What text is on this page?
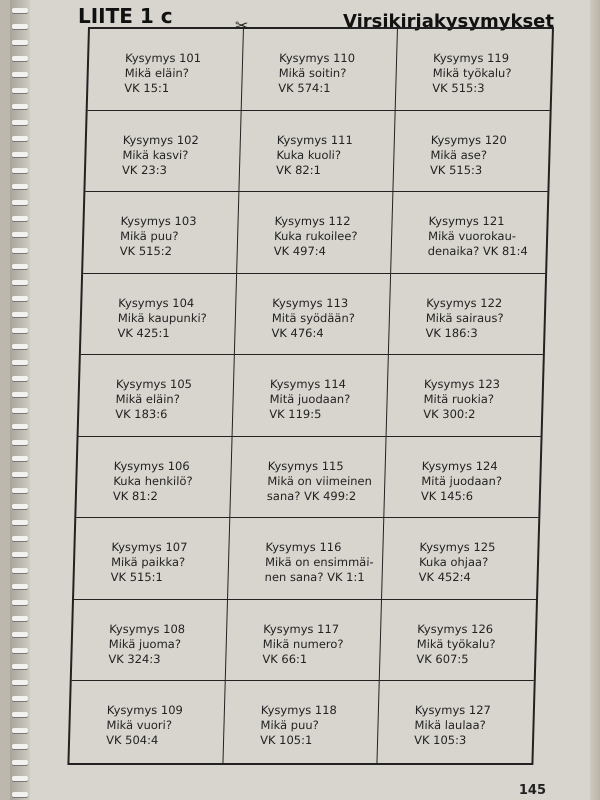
LIITE 1 c	✂	Virsikirjakysymykset
Kysymys 101
Mikä eläin?
VK 15:1
Kysymys 110
Mikä soitin?
VK 574:1
Kysymys 119
Mikä työkalu?
VK 515:3
Kysymys 102
Mikä kasvi?
VK 23:3
Kysymys 111
Kuka kuoli?
VK 82:1
Kysymys 120
Mikä ase?
VK 515:3
Kysymys 103
Mikä puu?
VK 515:2
Kysymys 112
Kuka rukoilee?
VK 497:4
Kysymys 121
Mikä vuorokau-
denaika? VK 81:4
Kysymys 104
Mikä kaupunki?
VK 425:1
Kysymys 113
Mitä syödään?
VK 476:4
Kysymys 122
Mikä sairaus?
VK 186:3
Kysymys 105
Mikä eläin?
VK 183:6
Kysymys 114
Mitä juodaan?
VK 119:5
Kysymys 123
Mitä ruokia?
VK 300:2
Kysymys 106
Kuka henkilö?
VK 81:2
Kysymys 115
Mikä on viimeinen
sana? VK 499:2
Kysymys 124
Mitä juodaan?
VK 145:6
Kysymys 107
Mikä paikka?
VK 515:1
Kysymys 116
Mikä on ensimmäi-
nen sana? VK 1:1
Kysymys 125
Kuka ohjaa?
VK 452:4
Kysymys 108
Mikä juoma?
VK 324:3
Kysymys 117
Mikä numero?
VK 66:1
Kysymys 126
Mikä työkalu?
VK 607:5
Kysymys 109
Mikä vuori?
VK 504:4
Kysymys 118
Mikä puu?
VK 105:1
Kysymys 127
Mikä laulaa?
VK 105:3
145
